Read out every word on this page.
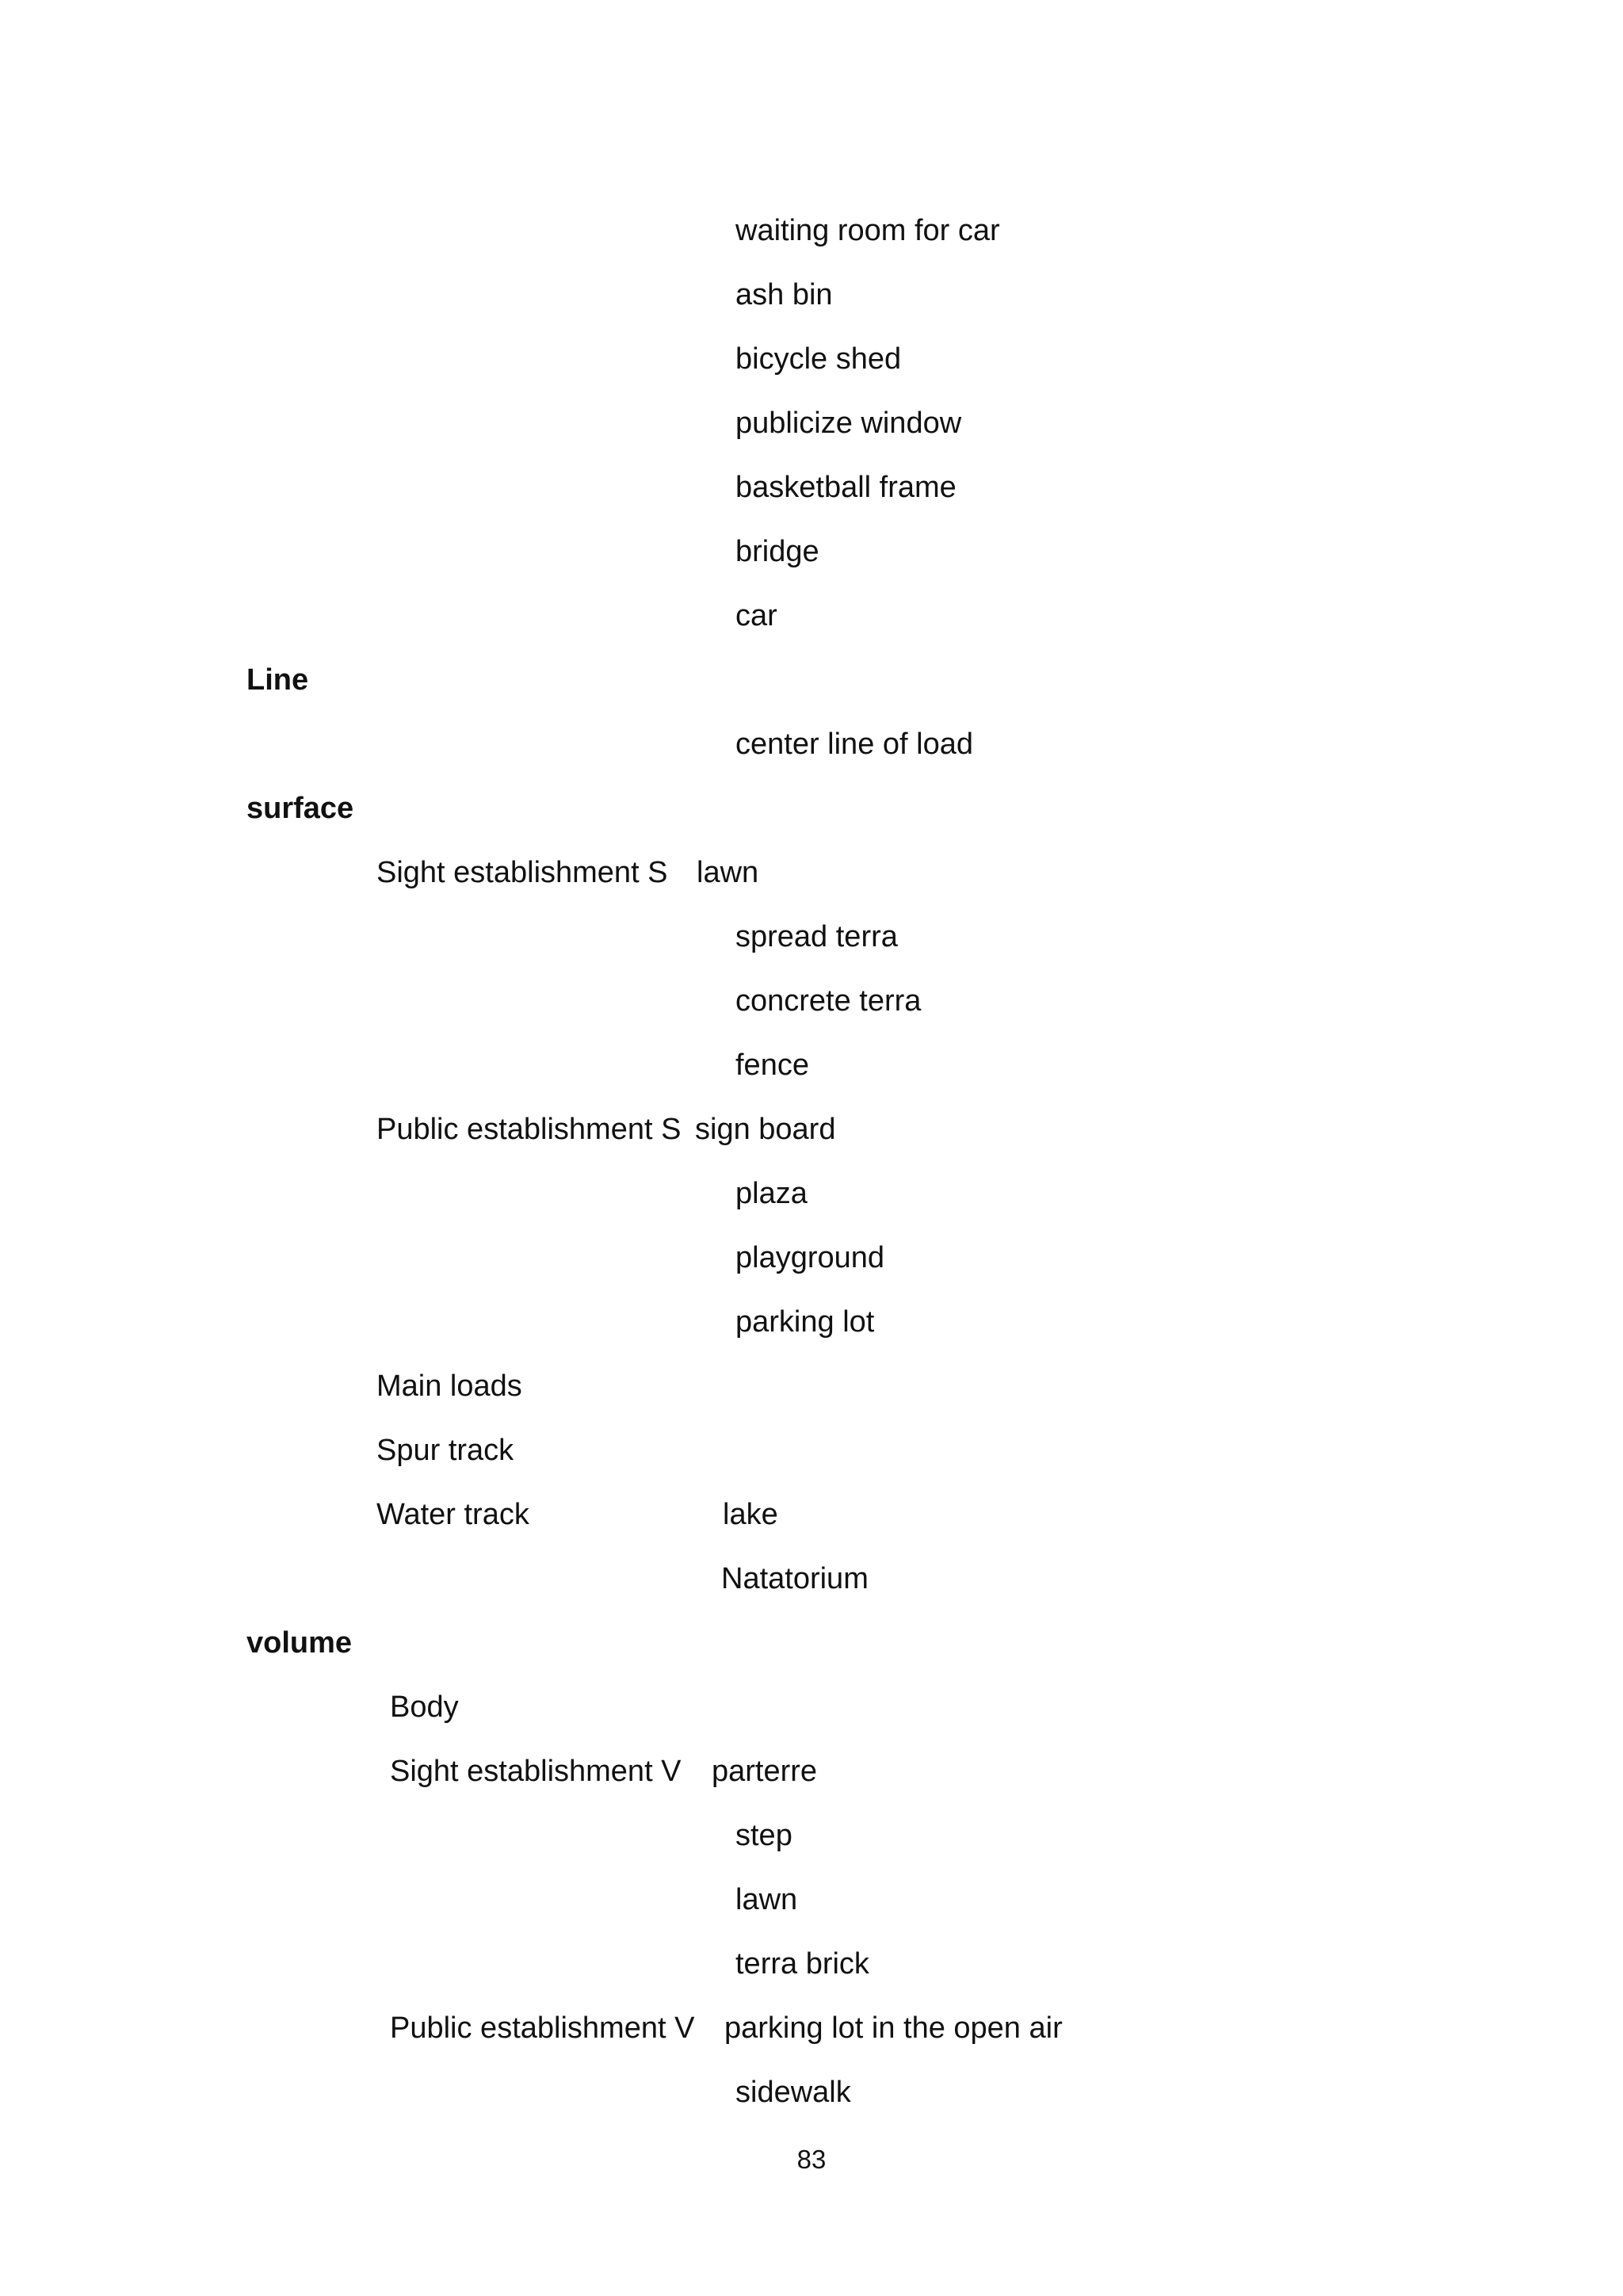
waiting room for car
ash bin
bicycle shed
publicize window
basketball frame
bridge
car
Line
center line of load
surface
Sight establishment S lawn
spread terra
concrete terra
fence
Public establishment S sign board
plaza
playground
parking lot
Main loads
Spur track
Water track	lake
Natatorium
volume
Body
Sight establishment V parterre
step
lawn
terra brick
Public establishment V parking lot in the open air
sidewalk
83
